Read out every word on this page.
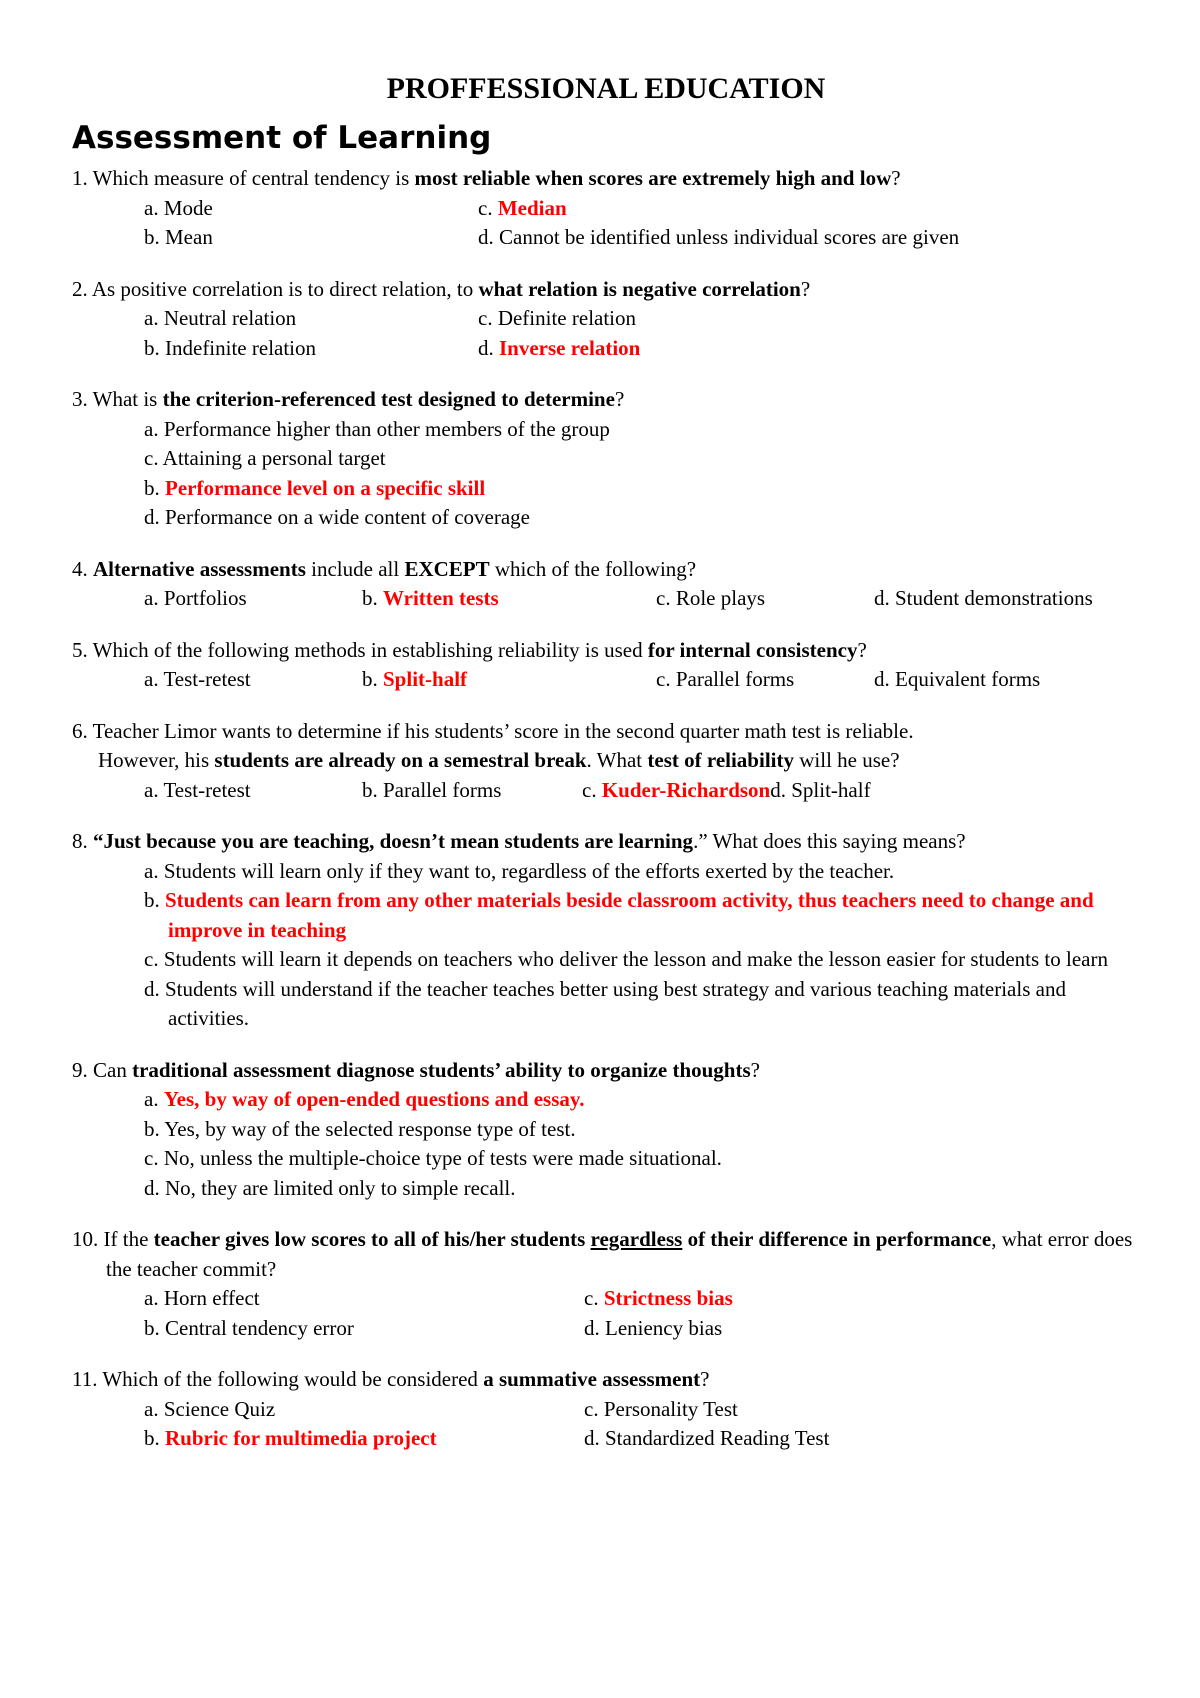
PROFFESSIONAL EDUCATION
Assessment of Learning

1. Which measure of central tendency is most reliable when scores are extremely high and low?

a. Mode	c. Median
b. Mean	d. Cannot be identified unless individual scores are given

2. As positive correlation is to direct relation, to what relation is negative correlation?

a. Neutral relation	c. Definite relation
b. Indefinite relation	d. Inverse relation

3. What is the criterion-referenced test designed to determine?

a. Performance higher than other members of the group
c. Attaining a personal target
b. Performance level on a specific skill
d. Performance on a wide content of coverage

4. Alternative assessments include all EXCEPT which of the following?

a. Portfolios	b. Written tests	c. Role plays	d. Student demonstrations

5. Which of the following methods in establishing reliability is used for internal consistency?

a. Test-retest	b. Split-half	c. Parallel forms	d. Equivalent forms

6. Teacher Limor wants to determine if his students’ score in the second quarter math test is reliable.
However, his students are already on a semestral break. What test of reliability will he use?

a. Test-retest	b. Parallel forms	c. Kuder-Richardson d. Split-half

8. “Just because you are teaching, doesn’t mean students are learning.” What does this saying means?

a. Students will learn only if they want to, regardless of the efforts exerted by the teacher.
b. Students can learn from any other materials beside classroom activity, thus teachers need to change and improve in teaching
c. Students will learn it depends on teachers who deliver the lesson and make the lesson easier for students to learn
d. Students will understand if the teacher teaches better using best strategy and various teaching materials and activities.

9. Can traditional assessment diagnose students’ ability to organize thoughts?

a. Yes, by way of open-ended questions and essay.
b. Yes, by way of the selected response type of test.
c. No, unless the multiple-choice type of tests were made situational.
d. No, they are limited only to simple recall.

10. If the teacher gives low scores to all of his/her students regardless of their difference in performance, what error does the teacher commit?

a. Horn effect	c. Strictness bias
b. Central tendency error	d. Leniency bias

11. Which of the following would be considered a summative assessment?

a. Science Quiz	c. Personality Test
b. Rubric for multimedia project	d. Standardized Reading Test
